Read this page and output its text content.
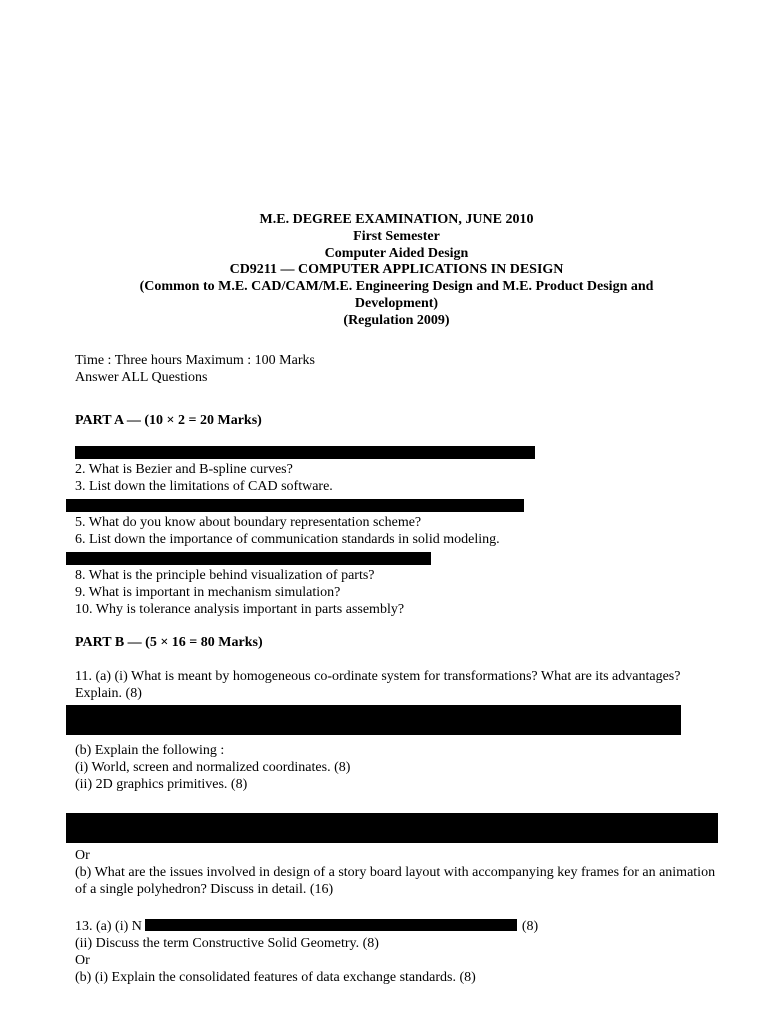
M.E. DEGREE EXAMINATION, JUNE 2010
First Semester
Computer Aided Design
CD9211 — COMPUTER APPLICATIONS IN DESIGN
(Common to M.E. CAD/CAM/M.E. Engineering Design and M.E. Product Design and Development)
(Regulation 2009)
Time : Three hours Maximum : 100 Marks
Answer ALL Questions
PART A — (10 × 2 = 20 Marks)
2. What is Bezier and B-spline curves?
3. List down the limitations of CAD software.
5. What do you know about boundary representation scheme?
6. List down the importance of communication standards in solid modeling.
8. What is the principle behind visualization of parts?
9. What is important in mechanism simulation?
10. Why is tolerance analysis important in parts assembly?
PART B — (5 × 16 = 80 Marks)
11. (a) (i) What is meant by homogeneous co-ordinate system for transformations? What are its advantages? Explain. (8)
(b) Explain the following :
(i) World, screen and normalized coordinates. (8)
(ii) 2D graphics primitives. (8)
Or
(b) What are the issues involved in design of a story board layout with accompanying key frames for an animation of a single polyhedron? Discuss in detail. (16)
13. (a) (i) N	(8)
(ii) Discuss the term Constructive Solid Geometry. (8)
Or
(b) (i) Explain the consolidated features of data exchange standards. (8)
